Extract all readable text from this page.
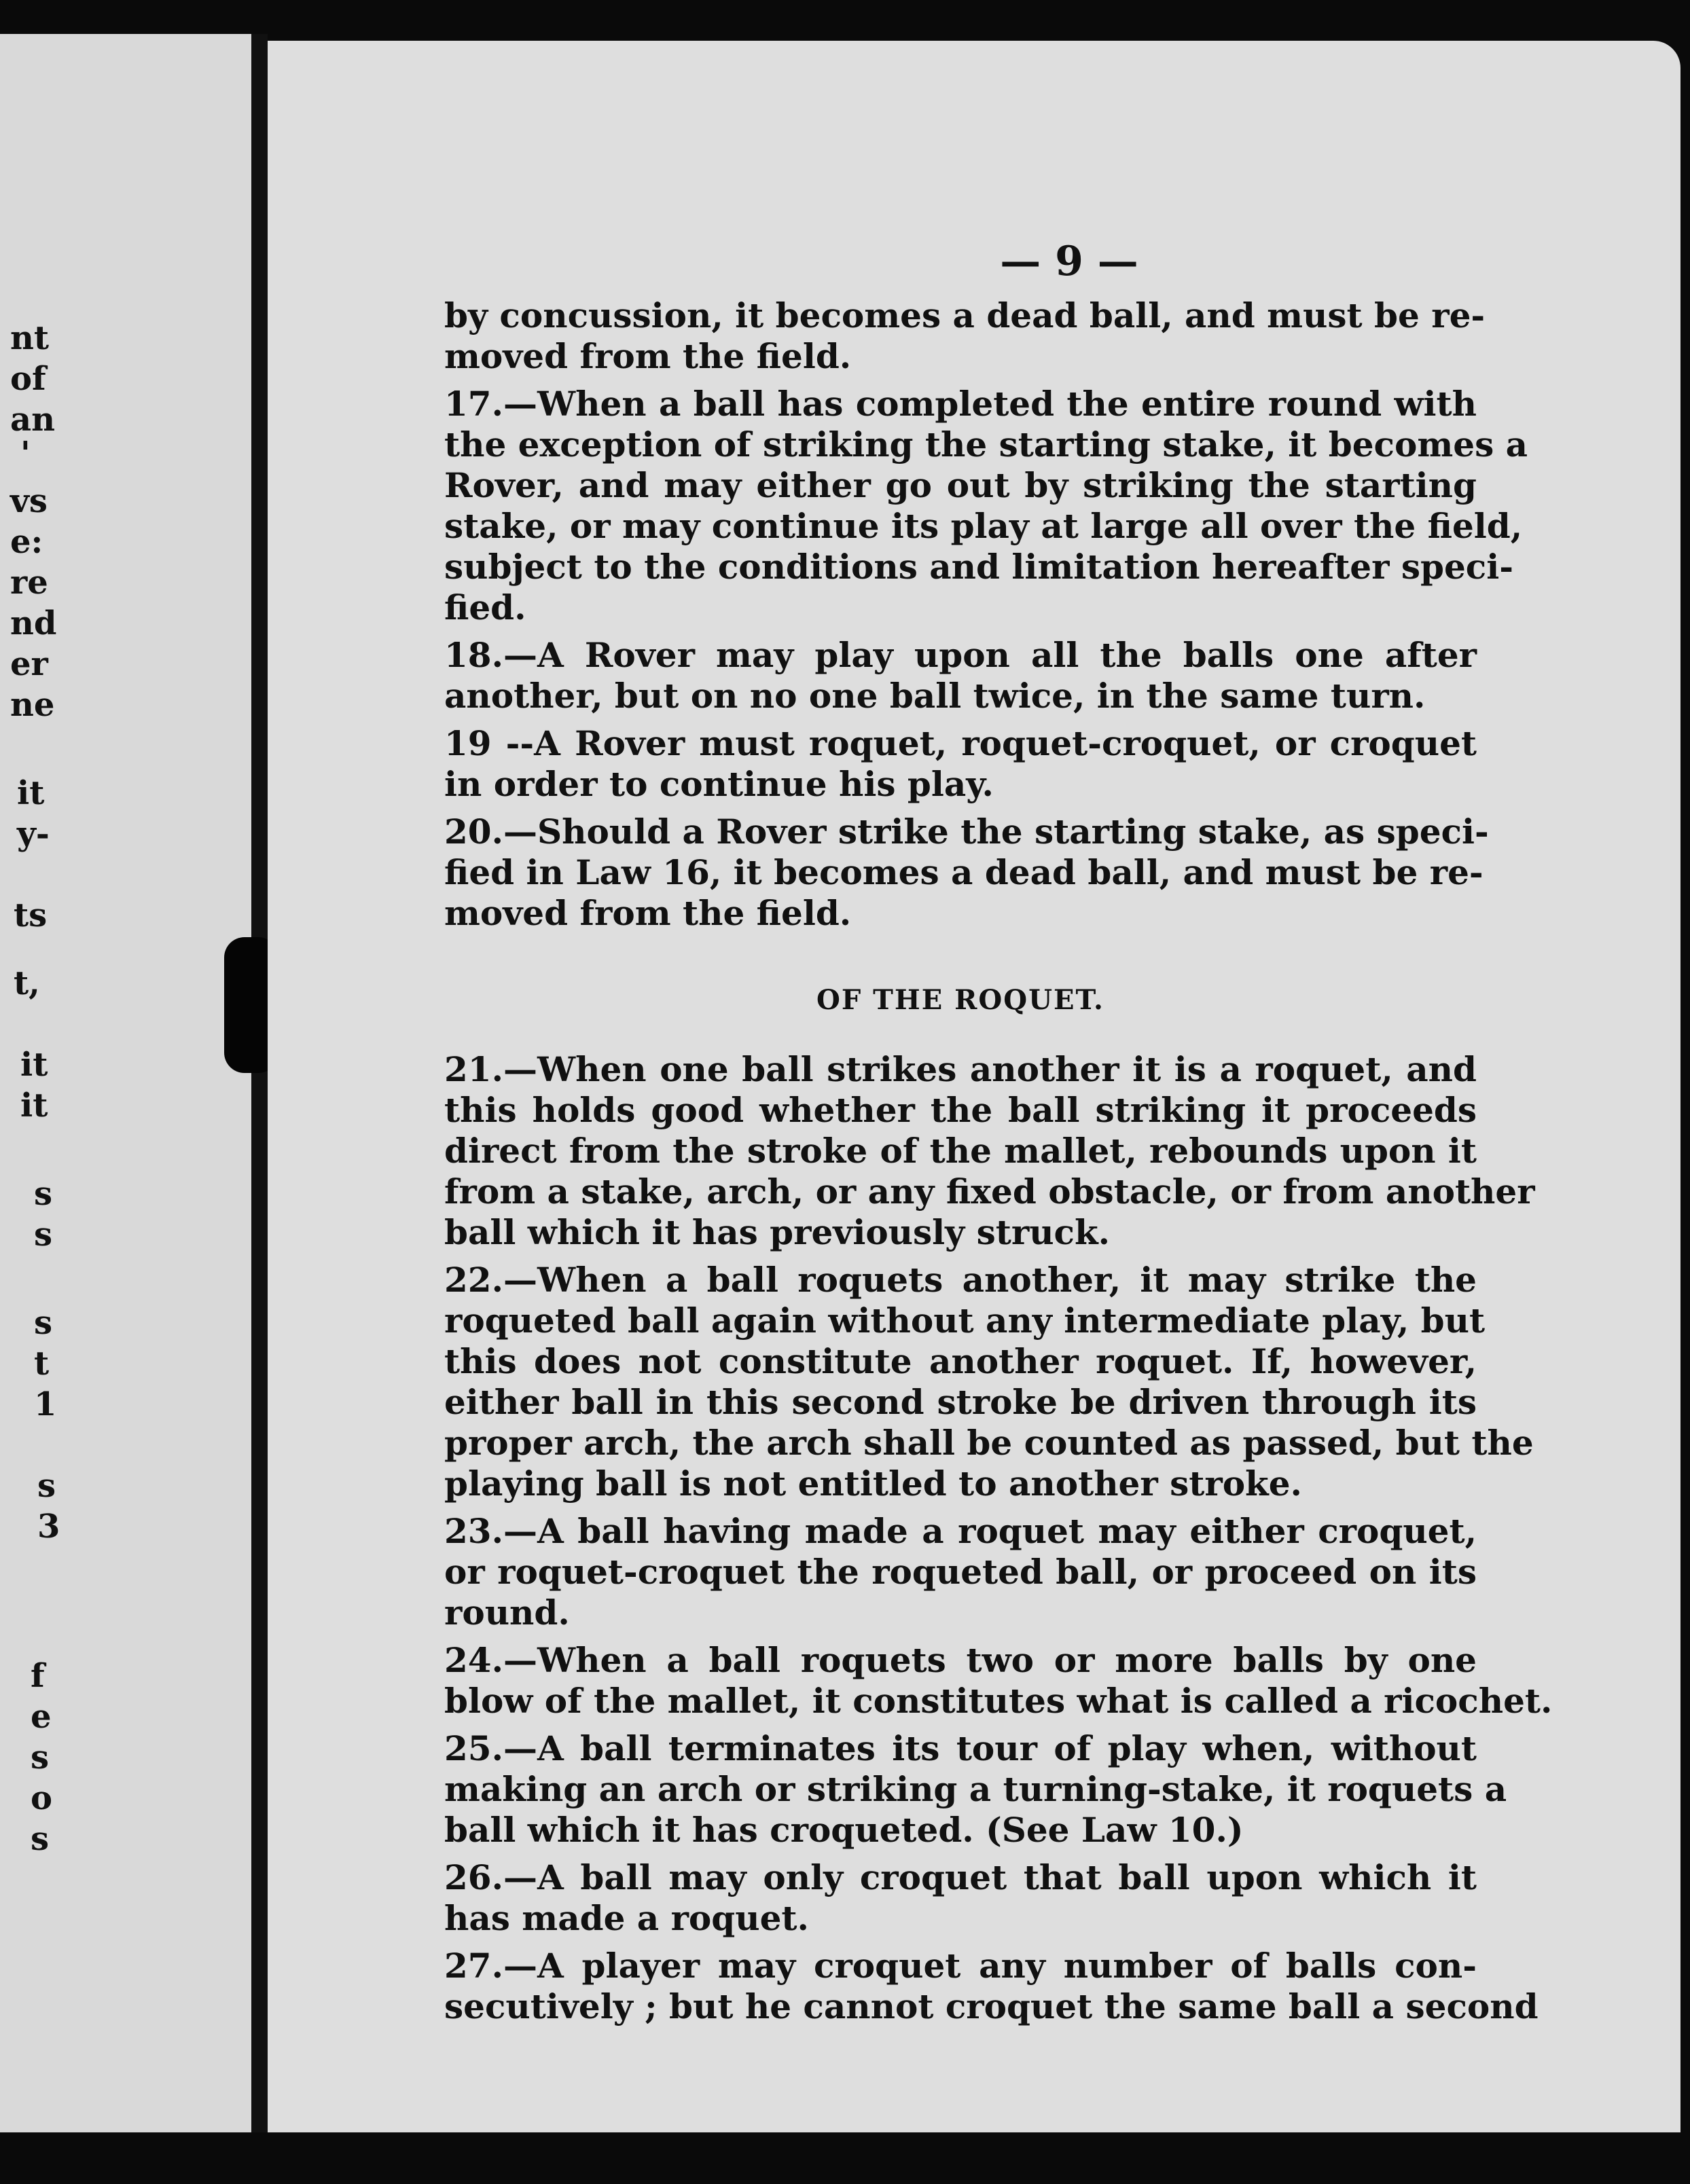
nt
of
an
'
vs
e:
re
nd
er
ne
it
y-
ts
t,
it
it
s
s
s
t
1
s
3
f
e
s
o
s
— 9 —
by concussion, it becomes a dead ball, and must be re-
moved from the field.
17.—When a ball has completed the entire round with
the exception of striking the starting stake, it becomes a
Rover, and may either go out by striking the starting
stake, or may continue its play at large all over the field,
subject to the conditions and limitation hereafter speci-
fied.
18.—A Rover may play upon all the balls one after
another, but on no one ball twice, in the same turn.
19 --A Rover must roquet, roquet-croquet, or croquet
in order to continue his play.
20.—Should a Rover strike the starting stake, as speci-
fied in Law 16, it becomes a dead ball, and must be re-
moved from the field.
OF THE ROQUET.
21.—When one ball strikes another it is a roquet, and
this holds good whether the ball striking it proceeds
direct from the stroke of the mallet, rebounds upon it
from a stake, arch, or any fixed obstacle, or from another
ball which it has previously struck.
22.—When a ball roquets another, it may strike the
roqueted ball again without any intermediate play, but
this does not constitute another roquet. If, however,
either ball in this second stroke be driven through its
proper arch, the arch shall be counted as passed, but the
playing ball is not entitled to another stroke.
23.—A ball having made a roquet may either croquet,
or roquet-croquet the roqueted ball, or proceed on its
round.
24.—When a ball roquets two or more balls by one
blow of the mallet, it constitutes what is called a ricochet.
25.—A ball terminates its tour of play when, without
making an arch or striking a turning-stake, it roquets a
ball which it has croqueted. (See Law 10.)
26.—A ball may only croquet that ball upon which it
has made a roquet.
27.—A player may croquet any number of balls con-
secutively ; but he cannot croquet the same ball a second
